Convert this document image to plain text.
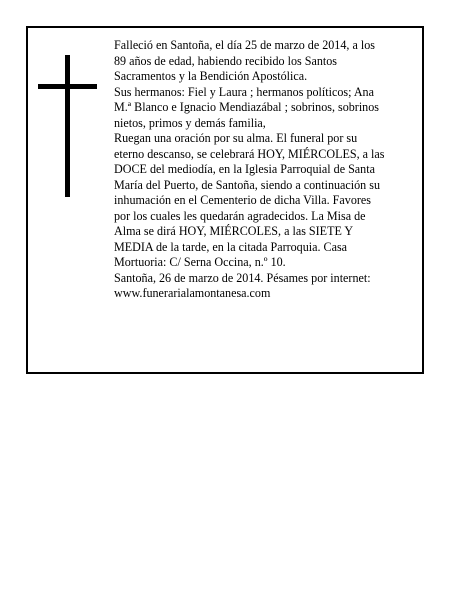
Falleció en Santoña, el día 25 de marzo de 2014, a los
89 años de edad, habiendo recibido los Santos
Sacramentos y la Bendición Apostólica.
Sus hermanos: Fiel y Laura ; hermanos políticos; Ana
M.ª Blanco e Ignacio Mendiazábal ; sobrinos, sobrinos
nietos, primos y demás familia,
Ruegan una oración por su alma. El funeral por su
eterno descanso, se celebrará HOY, MIÉRCOLES, a las
DOCE del mediodía, en la Iglesia Parroquial de Santa
María del Puerto, de Santoña, siendo a continuación su
inhumación en el Cementerio de dicha Villa. Favores
por los cuales les quedarán agradecidos. La Misa de
Alma se dirá HOY, MIÉRCOLES, a las SIETE Y
MEDIA de la tarde, en la citada Parroquia. Casa
Mortuoria: C/ Serna Occina, n.º 10.
Santoña, 26 de marzo de 2014. Pésames por internet:
www.funerarialamontanesa.com
